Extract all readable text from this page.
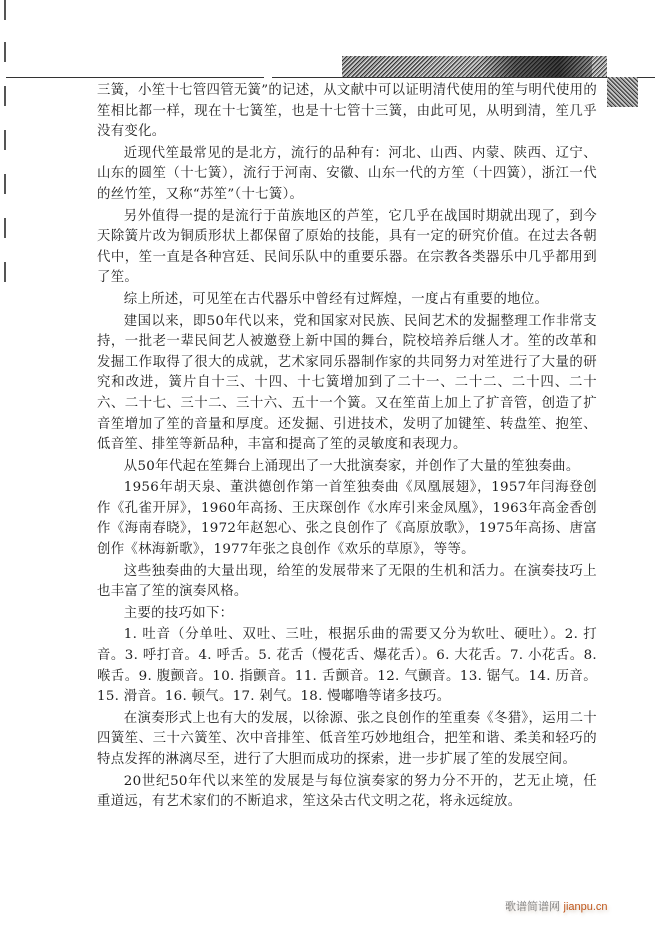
三簧，小笙十七管四管无簧”的记述，从文献中可以证明清代使用的笙与明代使用的笙相比都一样，现在十七簧笙，也是十七管十三簧，由此可见，从明到清，笙几乎没有变化。

近现代笙最常见的是北方，流行的品种有：河北、山西、内蒙、陕西、辽宁、山东的圆笙（十七簧），流行于河南、安徽、山东一代的方笙（十四簧），浙江一代的丝竹笙，又称“苏笙”（十七簧）。

另外值得一提的是流行于苗族地区的芦笙，它几乎在战国时期就出现了，到今天除簧片改为铜质形状上都保留了原始的技能，具有一定的研究价值。在过去各朝代中，笙一直是各种宫廷、民间乐队中的重要乐器。在宗教各类器乐中几乎都用到了笙。

综上所述，可见笙在古代器乐中曾经有过辉煌，一度占有重要的地位。

建国以来，即50年代以来，党和国家对民族、民间艺术的发掘整理工作非常支持，一批老一辈民间艺人被邀登上新中国的舞台，院校培养后继人才。笙的改革和发掘工作取得了很大的成就，艺术家同乐器制作家的共同努力对笙进行了大量的研究和改进，簧片自十三、十四、十七簧增加到了二十一、二十二、二十四、二十六、二十七、三十二、三十六、五十一个簧。又在笙苗上加上了扩音管，创造了扩音笙增加了笙的音量和厚度。还发掘、引进技术，发明了加键笙、转盘笙、抱笙、低音笙、排笙等新品种，丰富和提高了笙的灵敏度和表现力。

从50年代起在笙舞台上涌现出了一大批演奏家，并创作了大量的笙独奏曲。

1956年胡天泉、董洪德创作第一首笙独奏曲《凤凰展翅》，1957年闫海登创作《孔雀开屏》，1960年高扬、王庆琛创作《水库引来金凤凰》，1963年高金香创作《海南春晓》，1972年赵恕心、张之良创作了《高原放歌》，1975年高扬、唐富创作《林海新歌》，1977年张之良创作《欢乐的草原》，等等。

这些独奏曲的大量出现，给笙的发展带来了无限的生机和活力。在演奏技巧上也丰富了笙的演奏风格。

主要的技巧如下：

1. 吐音（分单吐、双吐、三吐，根据乐曲的需要又分为软吐、硬吐）。2. 打音。3. 呼打音。4. 呼舌。5. 花舌（慢花舌、爆花舌）。6. 大花舌。7. 小花舌。8. 喉舌。9. 腹颤音。10. 指颤音。11. 舌颤音。12. 气颤音。13. 锯气。14. 历音。15. 滑音。16. 顿气。17. 剁气。18. 慢嘟噜等诸多技巧。

在演奏形式上也有大的发展，以徐源、张之良创作的笙重奏《冬猎》，运用二十四簧笙、三十六簧笙、次中音排笙、低音笙巧妙地组合，把笙和谐、柔美和轻巧的特点发挥的淋漓尽至，进行了大胆而成功的探索，进一步扩展了笙的发展空间。

20世纪50年代以来笙的发展是与每位演奏家的努力分不开的，艺无止境，任重道远，有艺术家们的不断追求，笙这朵古代文明之花，将永远绽放。

歌谱简谱网 jianpu.cn
